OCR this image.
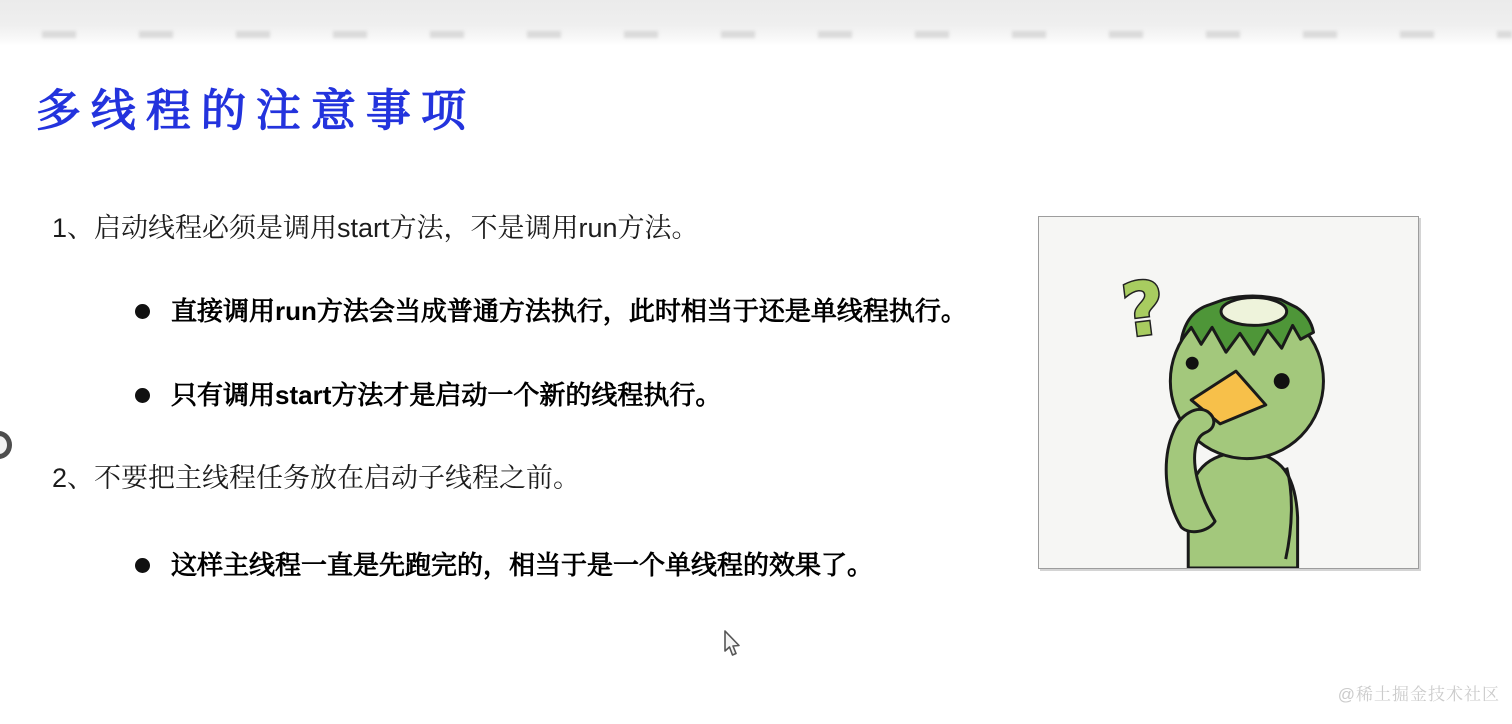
多线程的注意事项
1、启动线程必须是调用start方法，不是调用run方法。
直接调用run方法会当成普通方法执行，此时相当于还是单线程执行。
只有调用start方法才是启动一个新的线程执行。
2、不要把主线程任务放在启动子线程之前。
这样主线程一直是先跑完的，相当于是一个单线程的效果了。
?
@稀土掘金技术社区
